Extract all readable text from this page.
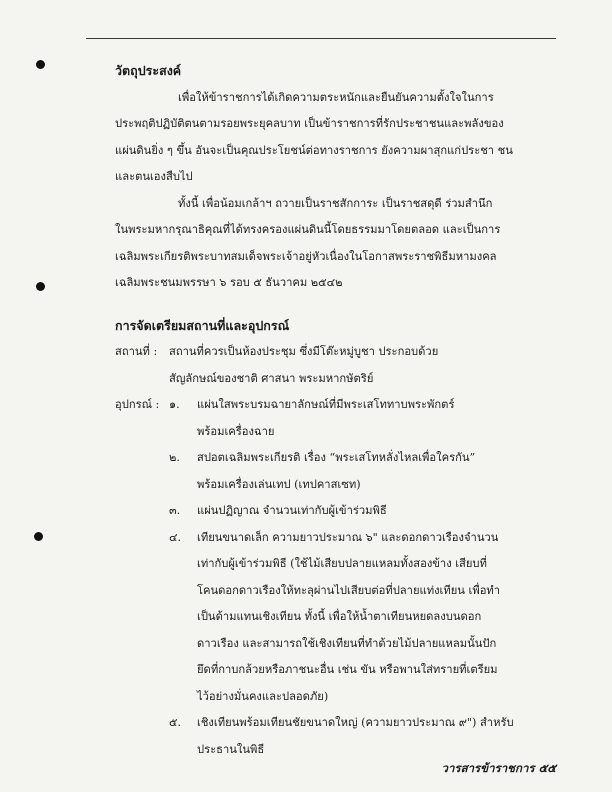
วัตถุประสงค์
เพื่อให้ข้าราชการได้เกิดความตระหนักและยืนยันความตั้งใจในการ
ประพฤติปฏิบัติตนตามรอยพระยุคลบาท เป็นข้าราชการที่รักประชาชนและพลังของ
แผ่นดินยิ่ง ๆ ขึ้น อันจะเป็นคุณประโยชน์ต่อทางราชการ ยังความผาสุกแก่ประชา ชน
และตนเองสืบไป
ทั้งนี้ เพื่อน้อมเกล้าฯ ถวายเป็นราชสักการะ เป็นราชสดุดี ร่วมสำนึก
ในพระมหากรุณาธิคุณที่ได้ทรงครองแผ่นดินนี้โดยธรรมมาโดยตลอด และเป็นการ
เฉลิมพระเกียรติพระบาทสมเด็จพระเจ้าอยู่หัวเนื่องในโอกาสพระราชพิธีมหามงคล
เฉลิมพระชนมพรรษา ๖ รอบ ๕ ธันวาคม ๒๕๔๒
การจัดเตรียมสถานที่และอุปกรณ์
สถานที่ :	สถานที่ควรเป็นห้องประชุม ซึ่งมีโต๊ะหมู่บูชา ประกอบด้วย
สัญลักษณ์ของชาติ ศาสนา พระมหากษัตริย์
อุปกรณ์ : ๑.	แผ่นใสพระบรมฉายาลักษณ์ที่มีพระเสโททาบพระพักตร์
พร้อมเครื่องฉาย
๒.	สปอตเฉลิมพระเกียรติ เรื่อง “พระเสโทหลั่งไหลเพื่อใครกัน”
พร้อมเครื่องเล่นเทป (เทปคาสเซท)
๓.	แผ่นปฏิญาณ จำนวนเท่ากับผู้เข้าร่วมพิธี
๔.	เทียนขนาดเล็ก ความยาวประมาณ ๖" และดอกดาวเรืองจำนวน
เท่ากับผู้เข้าร่วมพิธี (ใช้ไม้เสียบปลายแหลมทั้งสองข้าง เสียบที่
โคนดอกดาวเรืองให้ทะลุผ่านไปเสียบต่อที่ปลายแท่งเทียน เพื่อทำ
เป็นด้ามแทนเชิงเทียน ทั้งนี้ เพื่อให้น้ำตาเทียนหยดลงบนดอก
ดาวเรือง และสามารถใช้เชิงเทียนที่ทำด้วยไม้ปลายแหลมนั้นปัก
ยึดที่กาบกล้วยหรือภาชนะอื่น เช่น ขัน หรือพานใส่ทรายที่เตรียม
ไว้อย่างมั่นคงและปลอดภัย)
๕.	เชิงเทียนพร้อมเทียนชัยขนาดใหญ่ (ความยาวประมาณ ๙") สำหรับ
ประธานในพิธี
วารสารข้าราชการ ๕๕
